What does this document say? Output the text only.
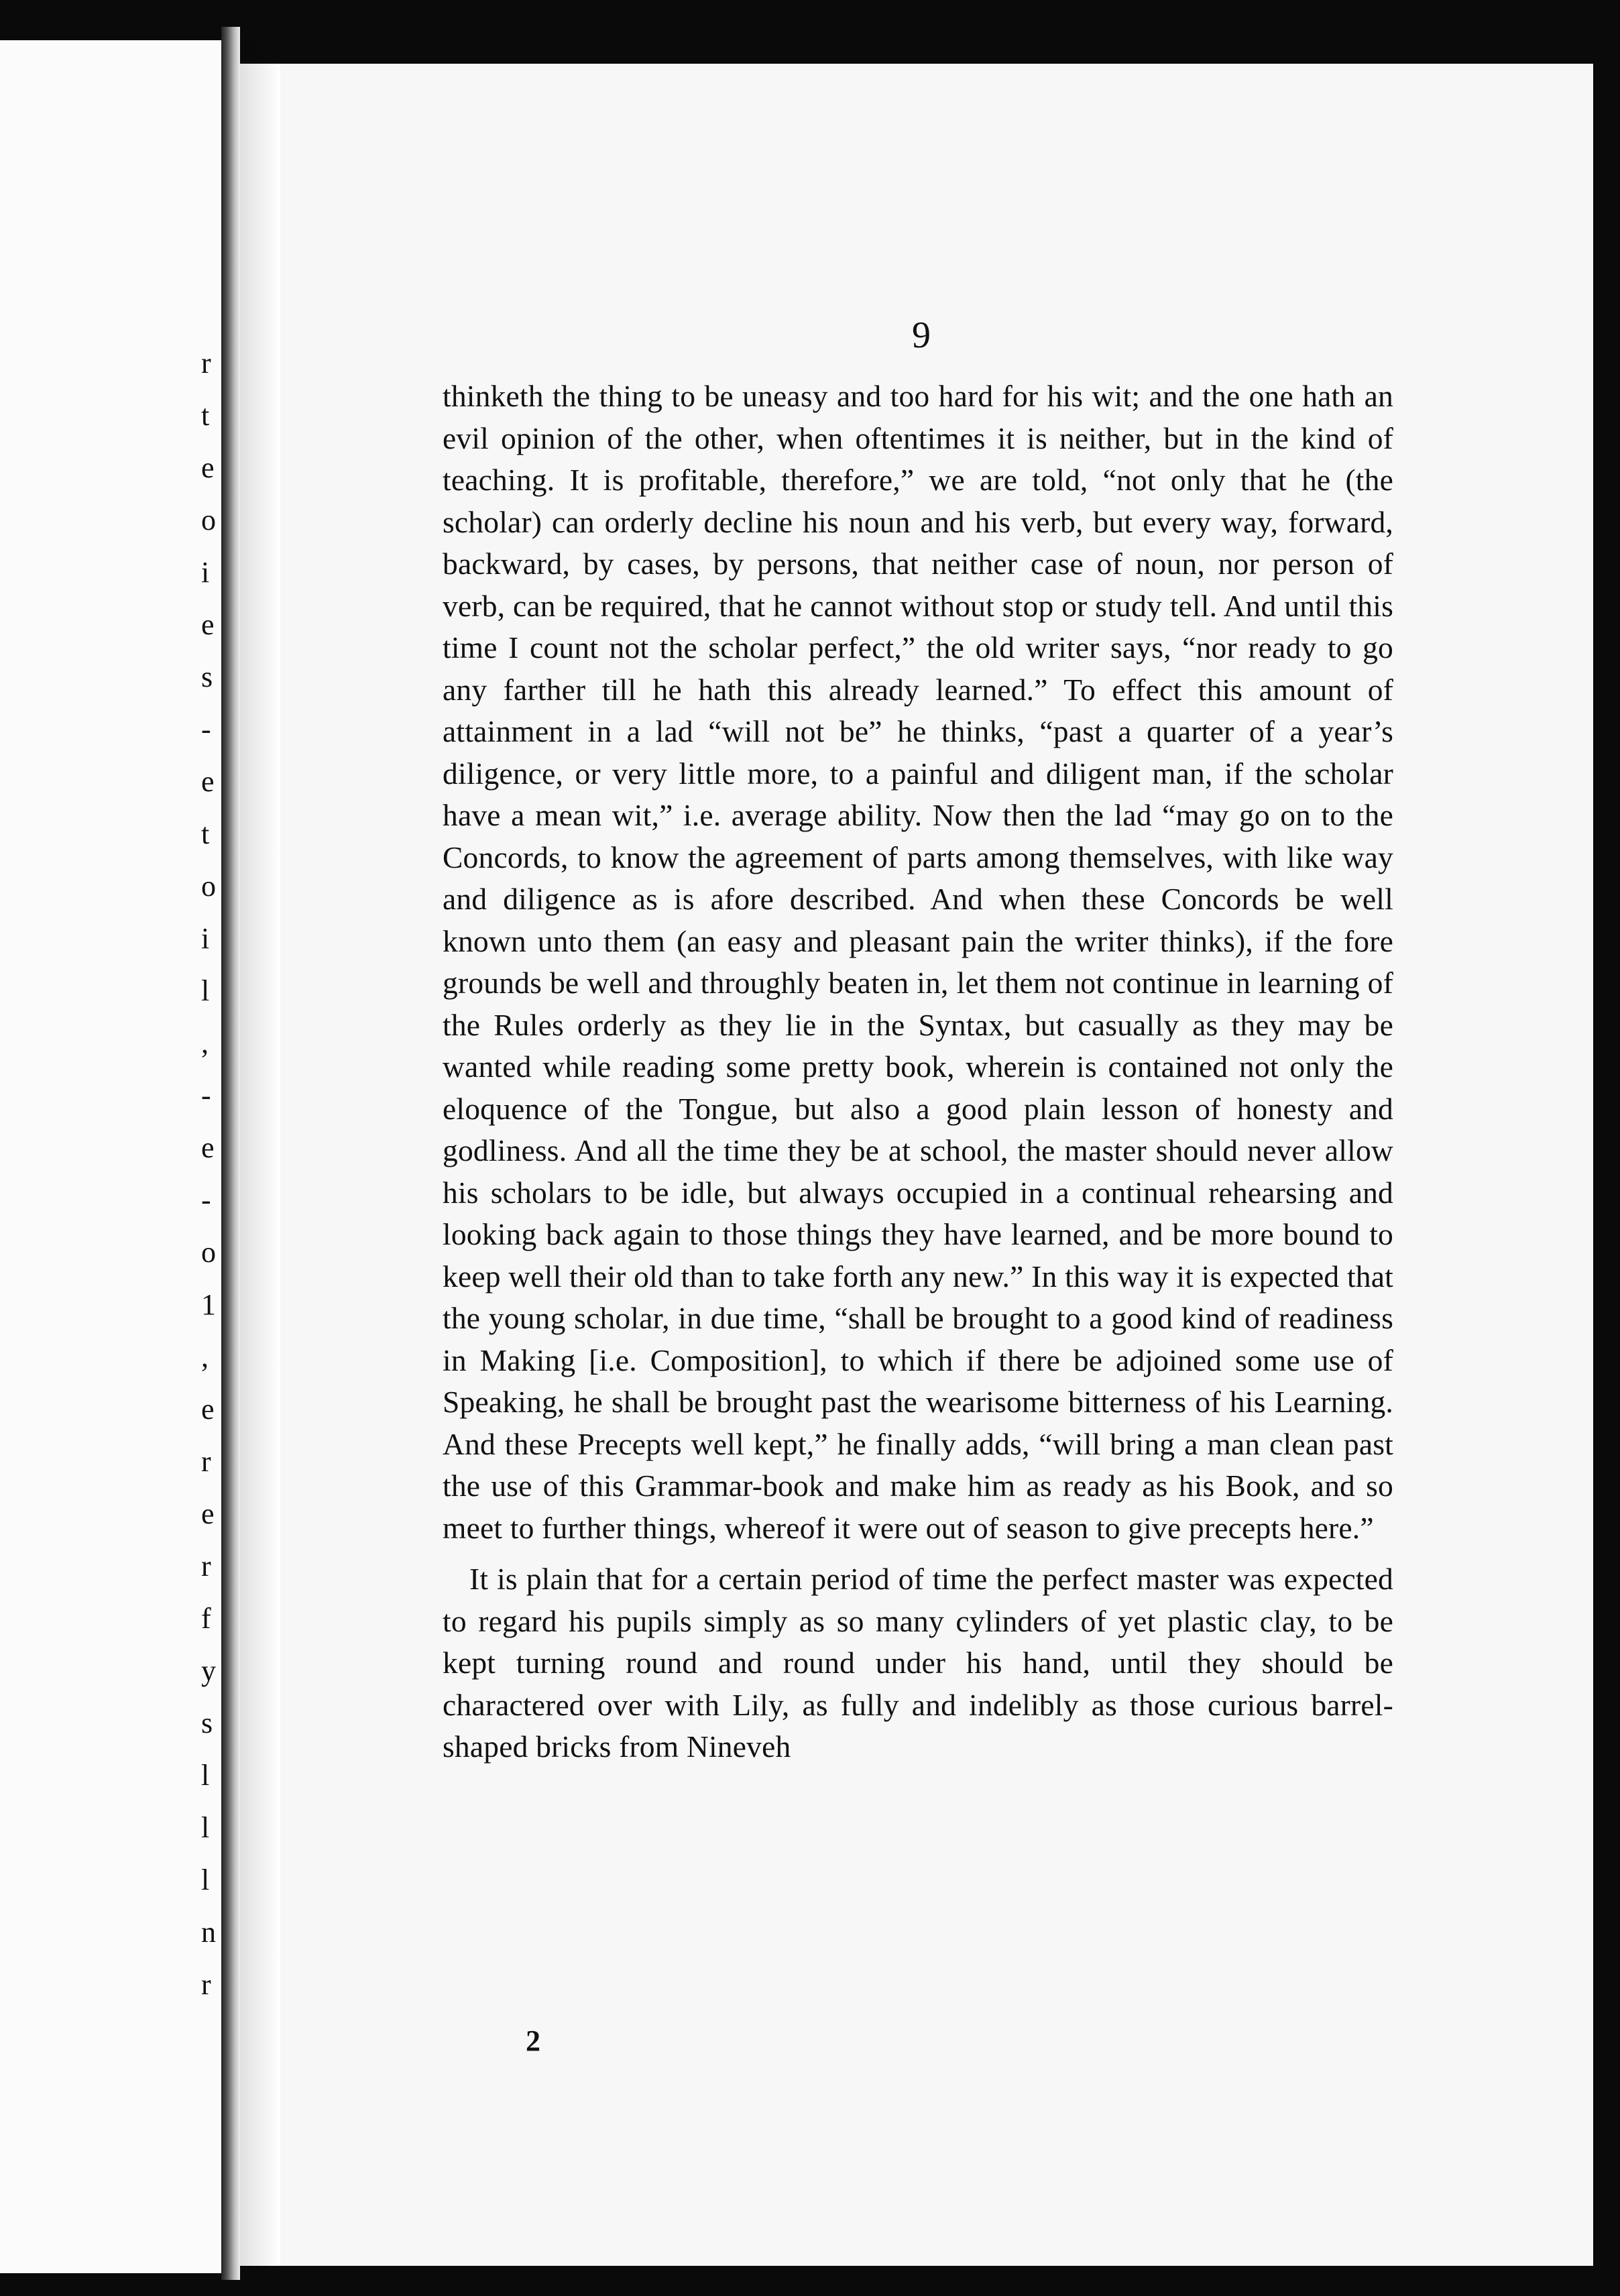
r
t
e
o
i
e
s
-
e
t
o
i
l
,
-
e
-
o
1
,
e
r
e
r
f
y
s
l
l
l
n
r
9

thinketh the thing to be uneasy and too hard for his wit; and the one hath an evil opinion of the other, when oftentimes it is neither, but in the kind of teaching. It is profitable, therefore,” we are told, “not only that he (the scholar) can orderly decline his noun and his verb, but every way, forward, backward, by cases, by persons, that neither case of noun, nor person of verb, can be required, that he cannot without stop or study tell. And until this time I count not the scholar perfect,” the old writer says, “nor ready to go any farther till he hath this already learned.” To effect this amount of attainment in a lad “will not be” he thinks, “past a quarter of a year’s diligence, or very little more, to a painful and diligent man, if the scholar have a mean wit,” i.e. average ability. Now then the lad “may go on to the Concords, to know the agreement of parts among themselves, with like way and diligence as is afore described. And when these Concords be well known unto them (an easy and pleasant pain the writer thinks), if the fore grounds be well and throughly beaten in, let them not continue in learning of the Rules orderly as they lie in the Syntax, but casually as they may be wanted while reading some pretty book, wherein is contained not only the eloquence of the Tongue, but also a good plain lesson of honesty and godliness. And all the time they be at school, the master should never allow his scholars to be idle, but always occupied in a continual rehearsing and looking back again to those things they have learned, and be more bound to keep well their old than to take forth any new.” In this way it is expected that the young scholar, in due time, “shall be brought to a good kind of readiness in Making [i.e. Composition], to which if there be adjoined some use of Speaking, he shall be brought past the wearisome bitterness of his Learning. And these Precepts well kept,” he finally adds, “will bring a man clean past the use of this Grammar-book and make him as ready as his Book, and so meet to further things, whereof it were out of season to give precepts here.”

It is plain that for a certain period of time the perfect master was expected to regard his pupils simply as so many cylinders of yet plastic clay, to be kept turning round and round under his hand, until they should be charactered over with Lily, as fully and indelibly as those curious barrel-shaped bricks from Nineveh

2
